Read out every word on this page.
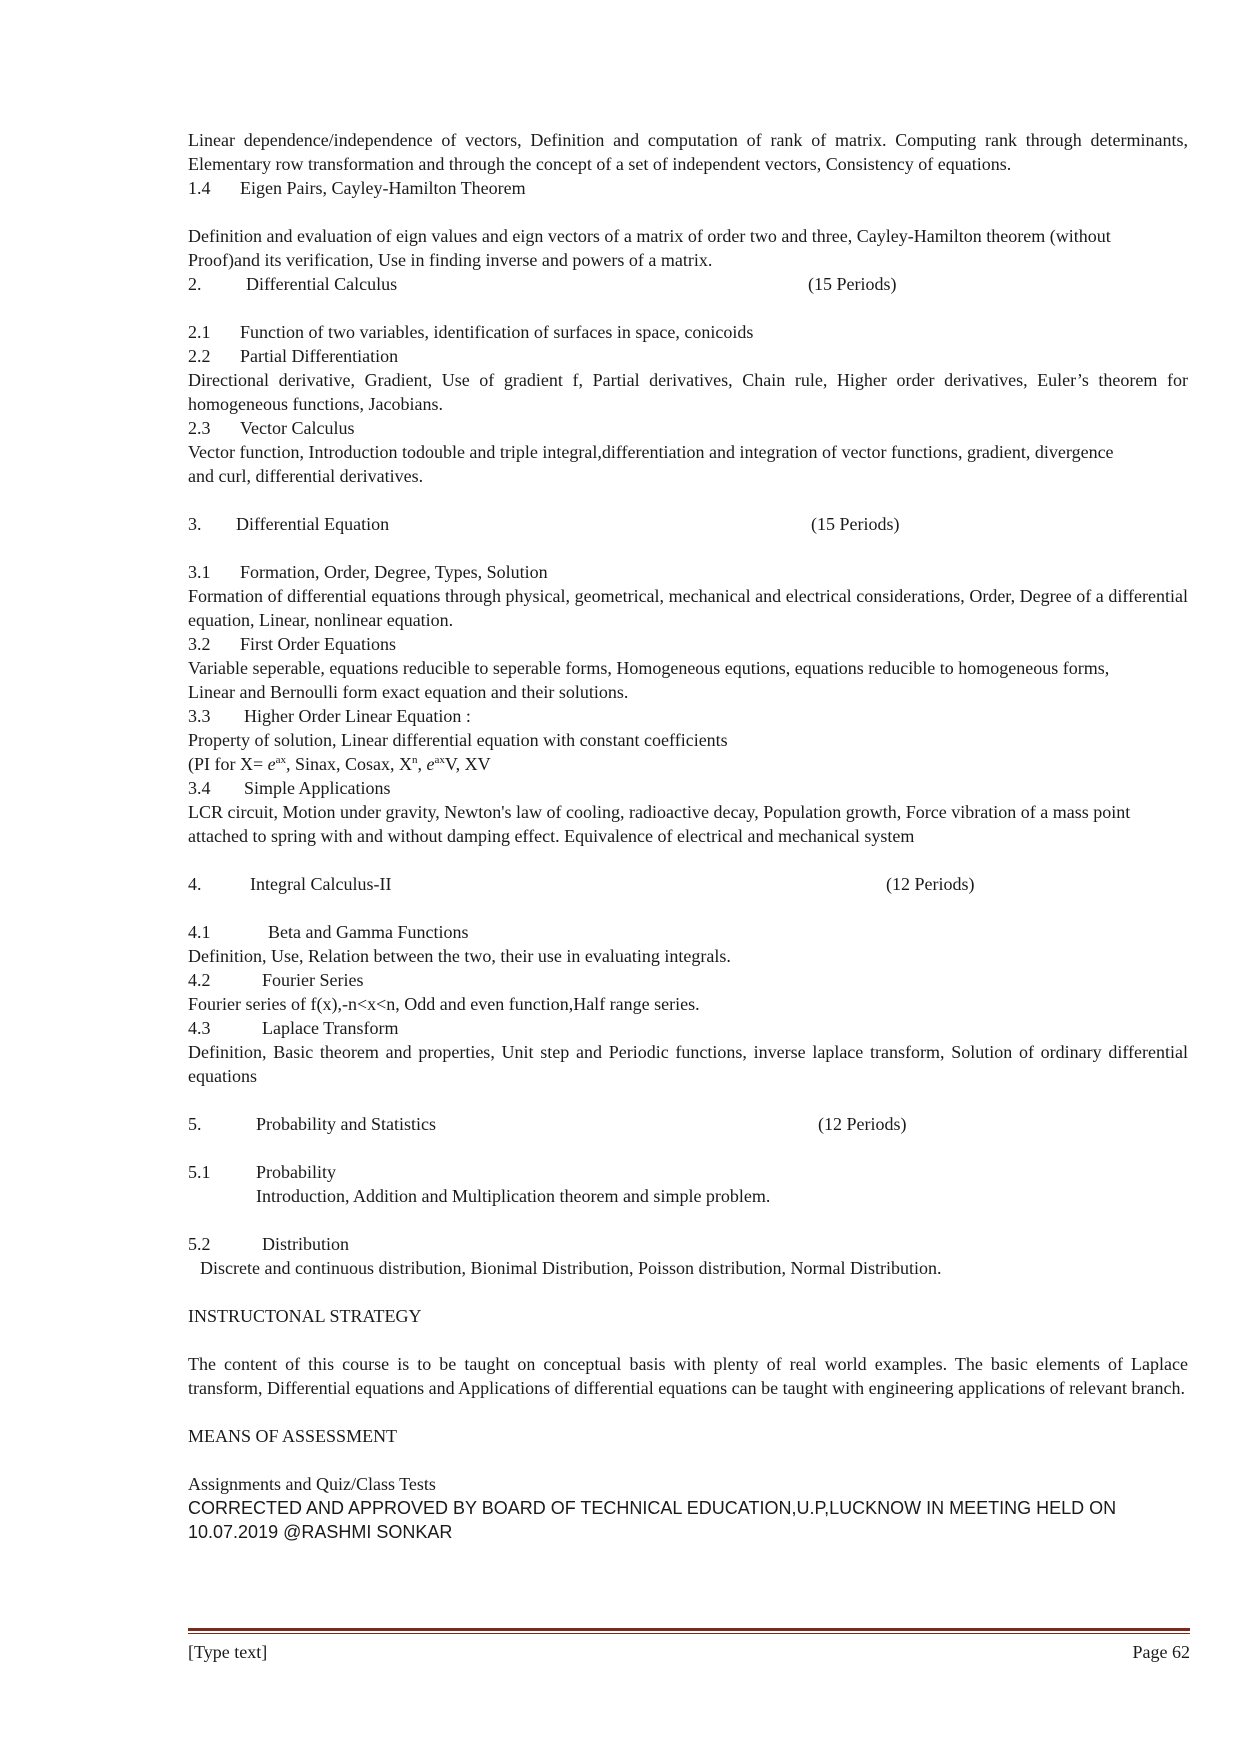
Linear dependence/independence of vectors, Definition and computation of rank of matrix. Computing rank through determinants, Elementary row transformation and through the concept of a set of independent vectors, Consistency of equations.

1.4	Eigen Pairs, Cayley-Hamilton Theorem

Definition and evaluation of eign values and eign vectors of a matrix of order two and three, Cayley-Hamilton theorem (without Proof)and its verification, Use in finding inverse and powers of a matrix.

2. Differential Calculus	(15 Periods)

2.1	Function of two variables, identification of surfaces in space, conicoids

2.2	Partial Differentiation

Directional derivative, Gradient, Use of gradient f, Partial derivatives, Chain rule, Higher order derivatives, Euler’s theorem for homogeneous functions, Jacobians.

2.3	Vector Calculus

Vector function, Introduction todouble and triple integral,differentiation and integration of vector functions, gradient, divergence and curl, differential derivatives.

3. Differential Equation	(15 Periods)

3.1	Formation, Order, Degree, Types, Solution

Formation of differential equations through physical, geometrical, mechanical and electrical considerations, Order, Degree of a differential equation, Linear, nonlinear equation.

3.2	First Order Equations

Variable seperable, equations reducible to seperable forms, Homogeneous equtions, equations reducible to homogeneous forms, Linear and Bernoulli form exact equation and their solutions.

3.3	Higher Order Linear Equation :

Property of solution, Linear differential equation with constant coefficients

(PI for $X= e^{ax}$, Sinax, Cosax, $X^n$, $e^{ax}V$, XV

3.4	Simple Applications

LCR circuit, Motion under gravity, Newton's law of cooling, radioactive decay, Population growth, Force vibration of a mass point attached to spring with and without damping effect. Equivalence of electrical and mechanical system

4.	Integral Calculus-II	(12 Periods)

4.1	Beta and Gamma Functions

Definition, Use, Relation between the two, their use in evaluating integrals.

4.2	Fourier Series

Fourier series of f(x),-n<x<n, Odd and even function,Half range series.

4.3	Laplace Transform

Definition, Basic theorem and properties, Unit step and Periodic functions, inverse laplace transform, Solution of ordinary differential equations

5.	Probability and Statistics	(12 Periods)

5.1	Probability

Introduction, Addition and Multiplication theorem and simple problem.

5.2	Distribution

Discrete and continuous distribution, Bionimal Distribution, Poisson distribution, Normal Distribution.

INSTRUCTONAL STRATEGY

The content of this course is to be taught on conceptual basis with plenty of real world examples. The basic elements of Laplace transform, Differential equations and Applications of differential equations can be taught with engineering applications of relevant branch.

MEANS OF ASSESSMENT

Assignments and Quiz/Class Tests

CORRECTED AND APPROVED BY BOARD OF TECHNICAL EDUCATION,U.P,LUCKNOW IN MEETING HELD ON 10.07.2019 @RASHMI SONKAR

[Type text]	Page 62
